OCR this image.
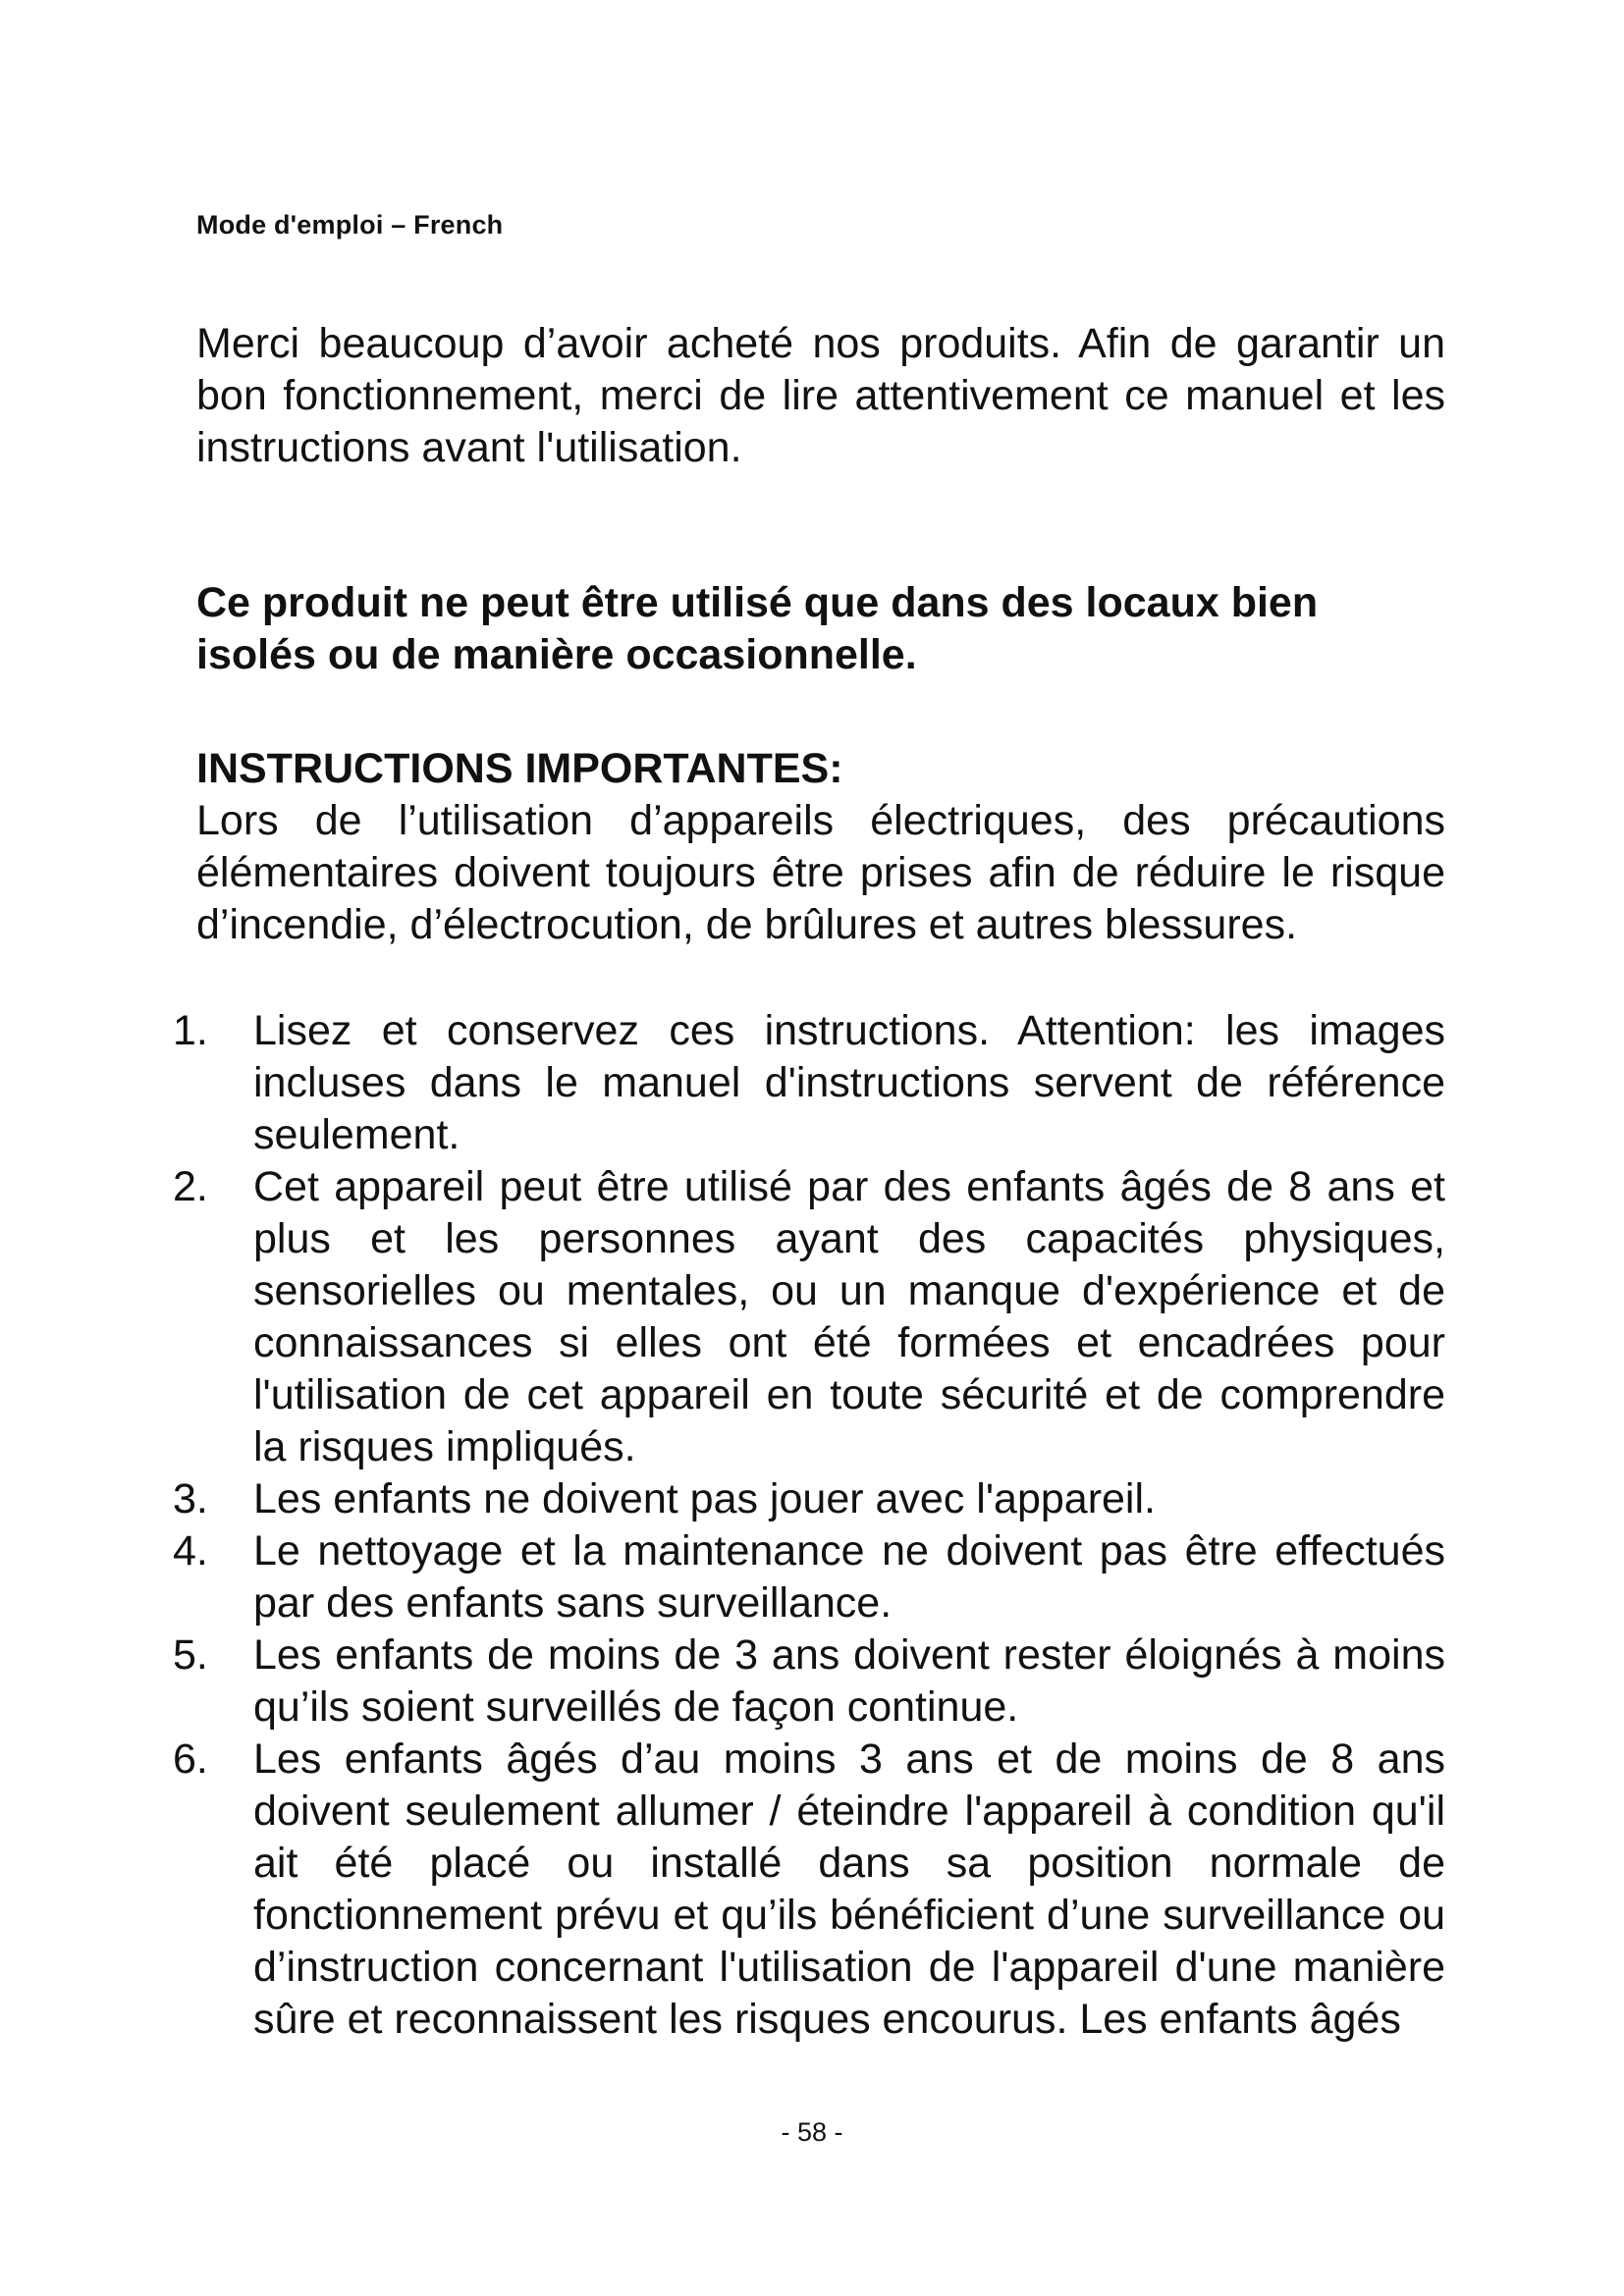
Mode d'emploi – French
Merci beaucoup d’avoir acheté nos produits. Afin de garantir un bon fonctionnement, merci de lire attentivement ce manuel et les instructions avant l'utilisation.
Ce produit ne peut être utilisé que dans des locaux bien isolés ou de manière occasionnelle.
INSTRUCTIONS IMPORTANTES:
Lors de l’utilisation d’appareils électriques, des précautions élémentaires doivent toujours être prises afin de réduire le risque d’incendie, d’électrocution, de brûlures et autres blessures.
1.	Lisez et conservez ces instructions. Attention: les images incluses dans le manuel d'instructions servent de référence seulement.
2.	Cet appareil peut être utilisé par des enfants âgés de 8 ans et plus et les personnes ayant des capacités physiques, sensorielles ou mentales, ou un manque d'expérience et de connaissances si elles ont été formées et encadrées pour l'utilisation de cet appareil en toute sécurité et de comprendre la risques impliqués.
3.	Les enfants ne doivent pas jouer avec l'appareil.
4.	Le nettoyage et la maintenance ne doivent pas être effectués par des enfants sans surveillance.
5.	Les enfants de moins de 3 ans doivent rester éloignés à moins qu’ils soient surveillés de façon continue.
6.	Les enfants âgés d’au moins 3 ans et de moins de 8 ans doivent seulement allumer / éteindre l'appareil à condition qu'il ait été placé ou installé dans sa position normale de fonctionnement prévu et qu’ils bénéficient d’une surveillance ou d’instruction concernant l'utilisation de l'appareil d'une manière sûre et reconnaissent les risques encourus. Les enfants âgés
- 58 -
